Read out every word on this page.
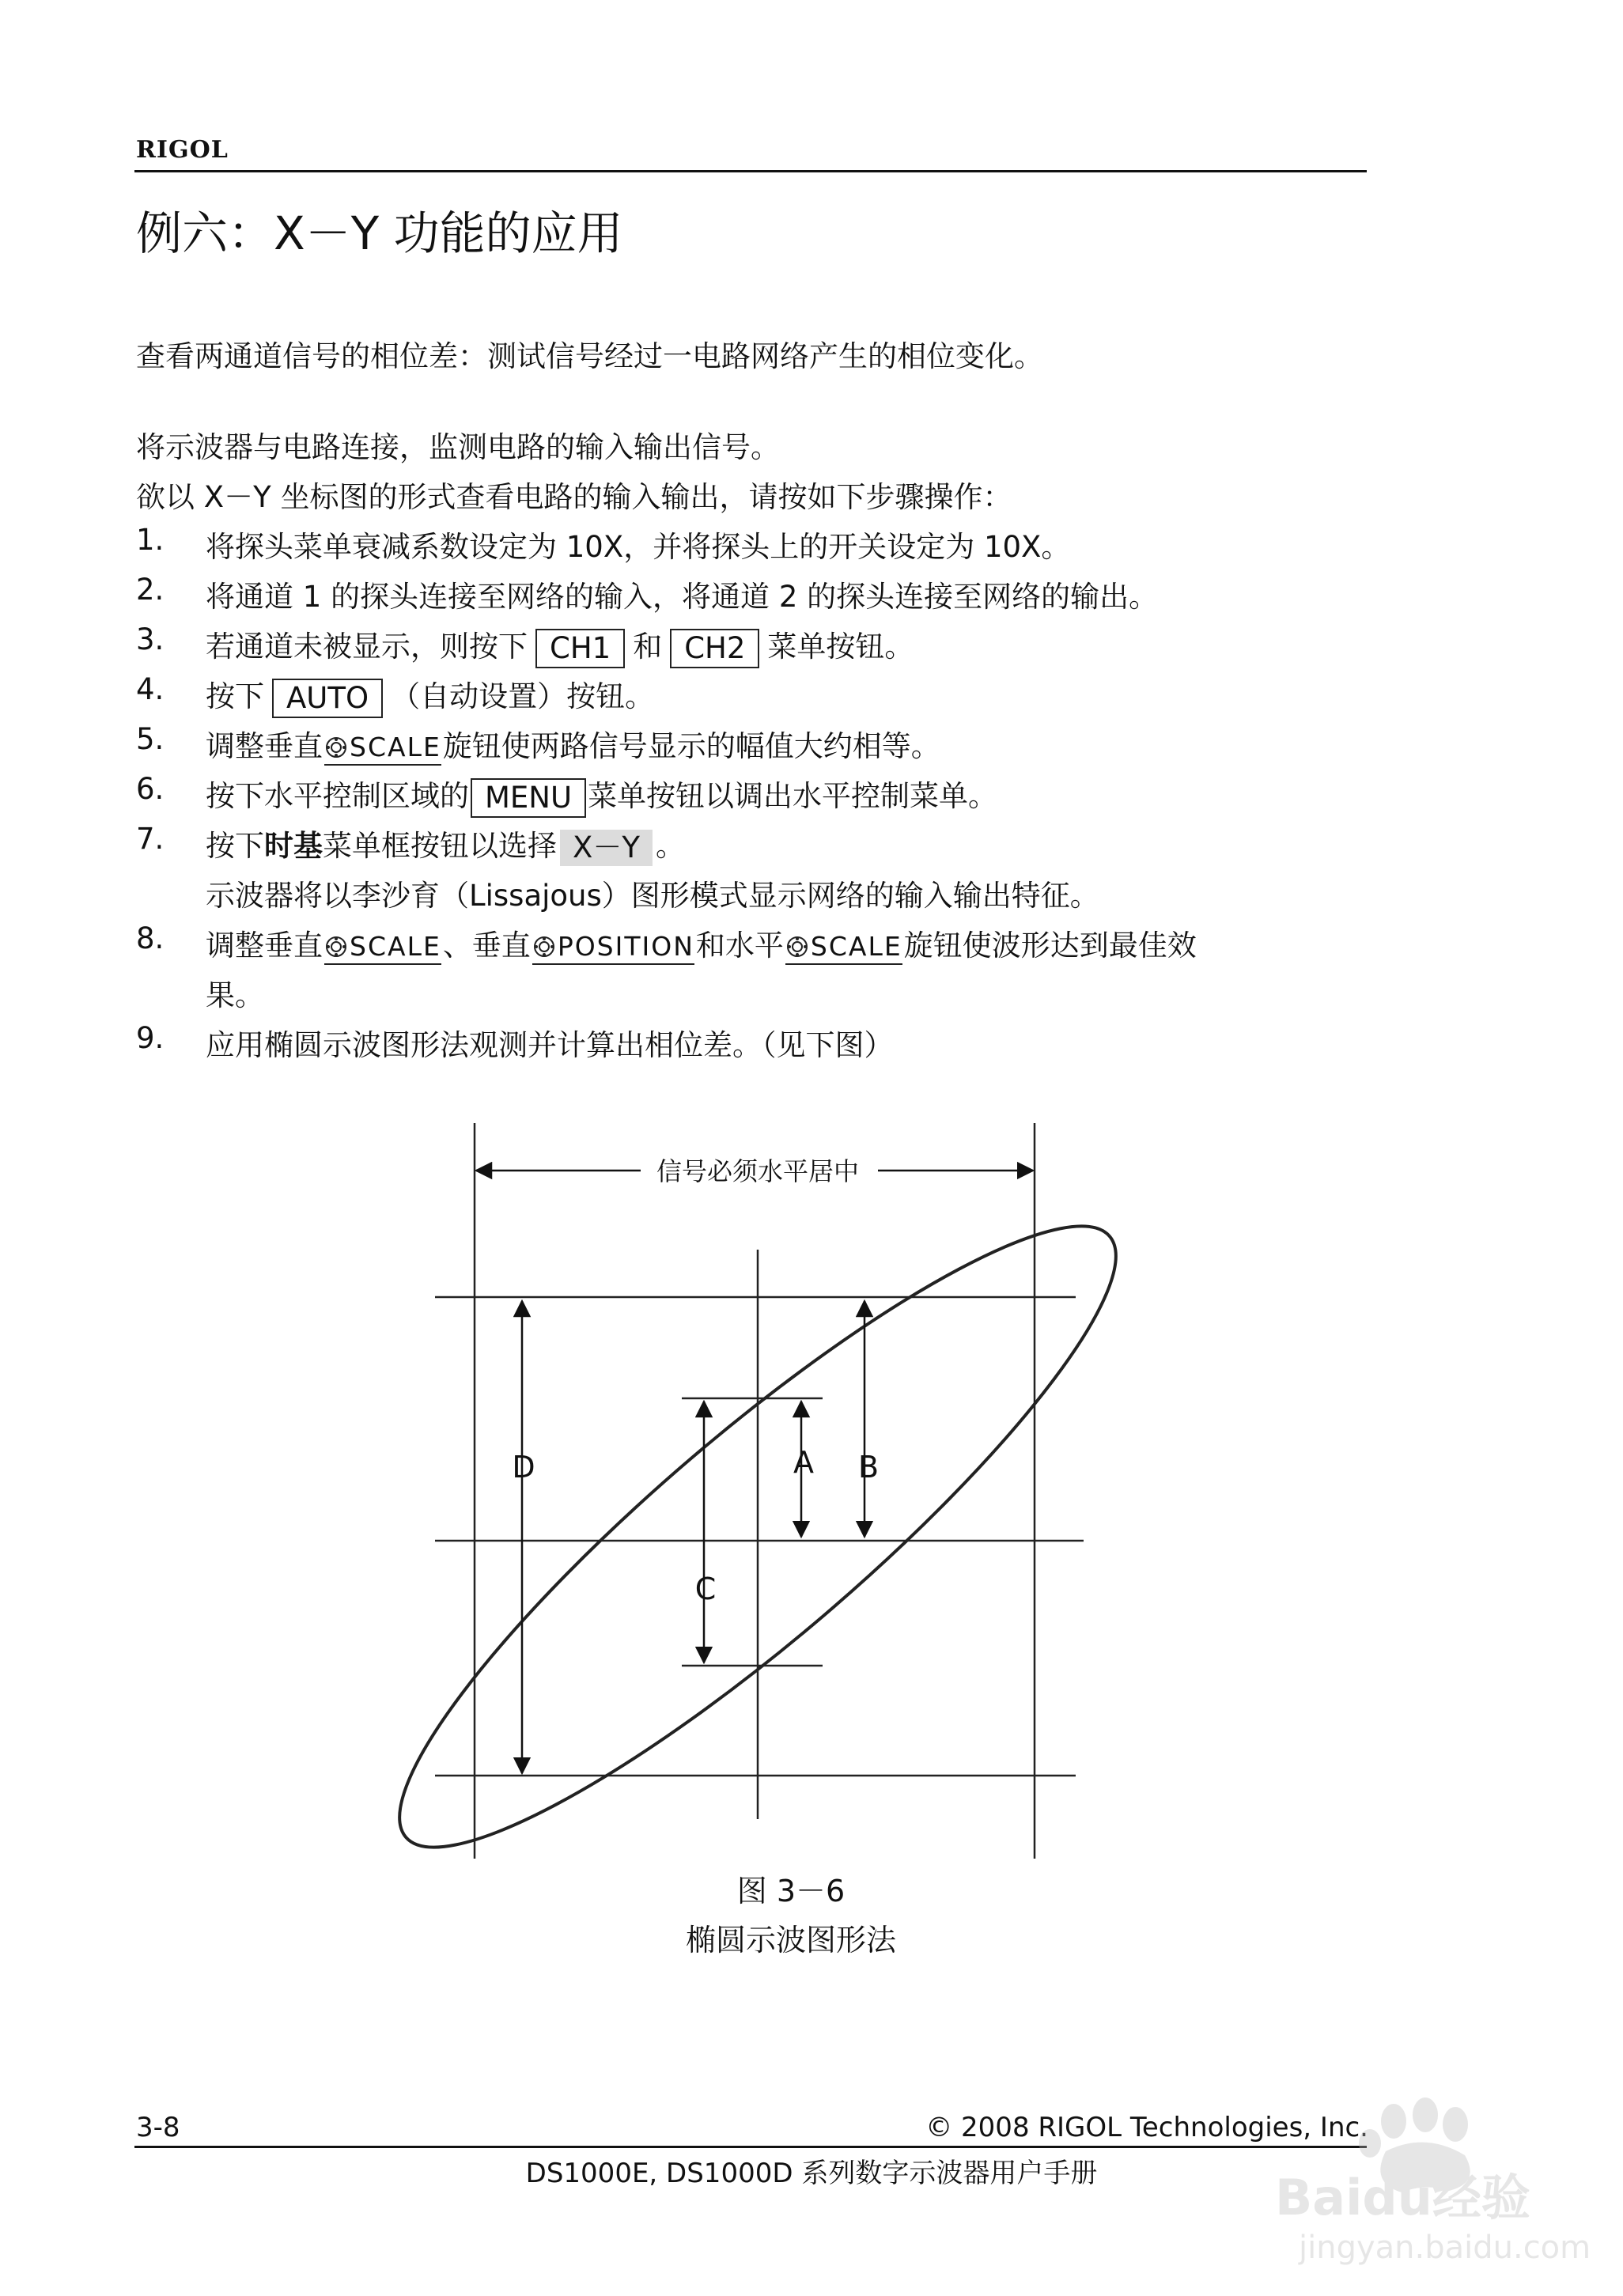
RIGOL
例六：X－Y 功能的应用
查看两通道信号的相位差：测试信号经过一电路网络产生的相位变化。
将示波器与电路连接，监测电路的输入输出信号。
欲以 X－Y 坐标图的形式查看电路的输入输出，请按如下步骤操作：
1. 将探头菜单衰减系数设定为 10X，并将探头上的开关设定为 10X。
2. 将通道 1 的探头连接至网络的输入，将通道 2 的探头连接至网络的输出。
3. 若通道未被显示，则按下 CH1 和 CH2 菜单按钮。
4. 按下 AUTO （自动设置）按钮。
5. 调整垂直 SCALE旋钮使两路信号显示的幅值大约相等。
6. 按下水平控制区域的 MENU 菜单按钮以调出水平控制菜单。
7. 按下时基菜单框按钮以选择 X－Y 。
示波器将以李沙育（Lissajous）图形模式显示网络的输入输出特征。
8. 调整垂直 SCALE、垂直 POSITION和水平 SCALE旋钮使波形达到最佳效
果。
9. 应用椭圆示波图形法观测并计算出相位差。（见下图）
信号必须水平居中
D	A B
C
图 3－6
椭圆示波图形法
3-8	© 2008 RIGOL Technologies, Inc.
DS1000E, DS1000D 系列数字示波器用户手册	Baidu经验
jingyan.baidu.com
